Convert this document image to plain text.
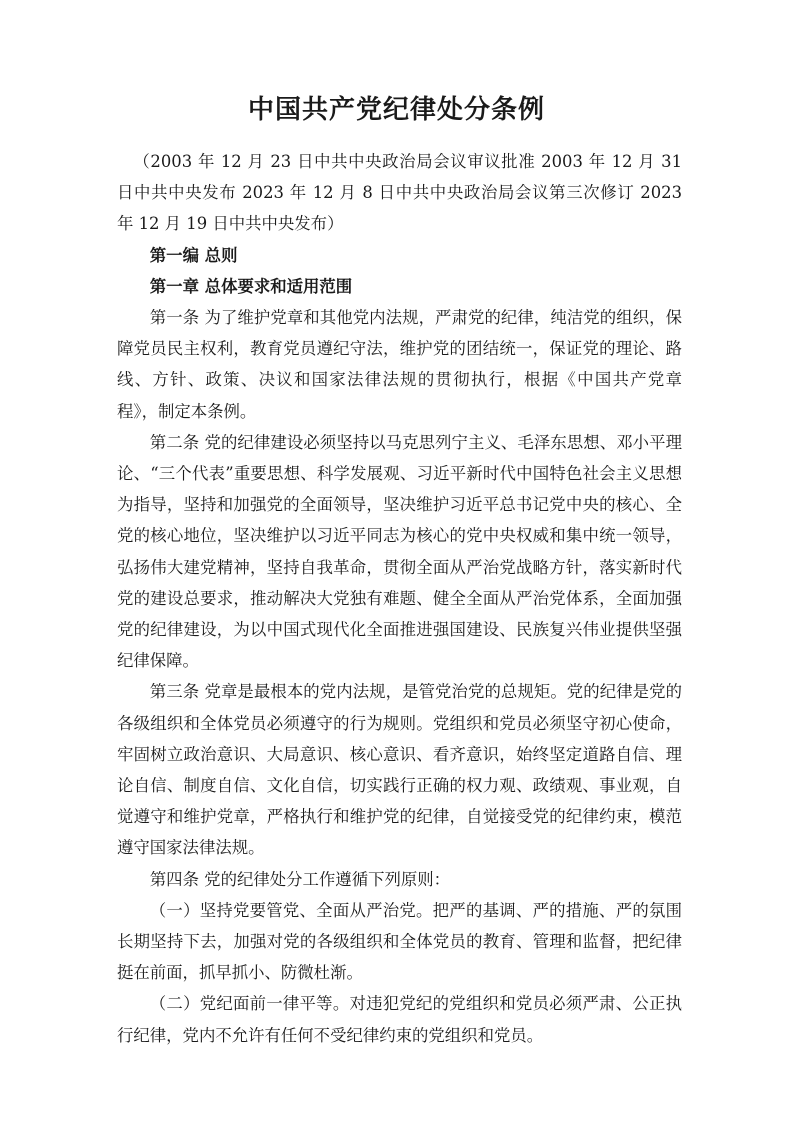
中国共产党纪律处分条例

（2003 年 12 月 23 日中共中央政治局会议审议批准 2003 年 12 月 31 日中共中央发布 2023 年 12 月 8 日中共中央政治局会议第三次修订 2023 年 12 月 19 日中共中央发布）

第一编 总则

第一章 总体要求和适用范围

第一条 为了维护党章和其他党内法规，严肃党的纪律，纯洁党的组织，保障党员民主权利，教育党员遵纪守法，维护党的团结统一，保证党的理论、路线、方针、政策、决议和国家法律法规的贯彻执行，根据《中国共产党章程》，制定本条例。

第二条 党的纪律建设必须坚持以马克思列宁主义、毛泽东思想、邓小平理论、“三个代表”重要思想、科学发展观、习近平新时代中国特色社会主义思想为指导，坚持和加强党的全面领导，坚决维护习近平总书记党中央的核心、全党的核心地位，坚决维护以习近平同志为核心的党中央权威和集中统一领导，弘扬伟大建党精神，坚持自我革命，贯彻全面从严治党战略方针，落实新时代党的建设总要求，推动解决大党独有难题、健全全面从严治党体系，全面加强党的纪律建设，为以中国式现代化全面推进强国建设、民族复兴伟业提供坚强纪律保障。

第三条 党章是最根本的党内法规，是管党治党的总规矩。党的纪律是党的各级组织和全体党员必须遵守的行为规则。党组织和党员必须坚守初心使命，牢固树立政治意识、大局意识、核心意识、看齐意识，始终坚定道路自信、理论自信、制度自信、文化自信，切实践行正确的权力观、政绩观、事业观，自觉遵守和维护党章，严格执行和维护党的纪律，自觉接受党的纪律约束，模范遵守国家法律法规。

第四条 党的纪律处分工作遵循下列原则：

（一）坚持党要管党、全面从严治党。把严的基调、严的措施、严的氛围长期坚持下去，加强对党的各级组织和全体党员的教育、管理和监督，把纪律挺在前面，抓早抓小、防微杜渐。

（二）党纪面前一律平等。对违犯党纪的党组织和党员必须严肃、公正执行纪律，党内不允许有任何不受纪律约束的党组织和党员。
